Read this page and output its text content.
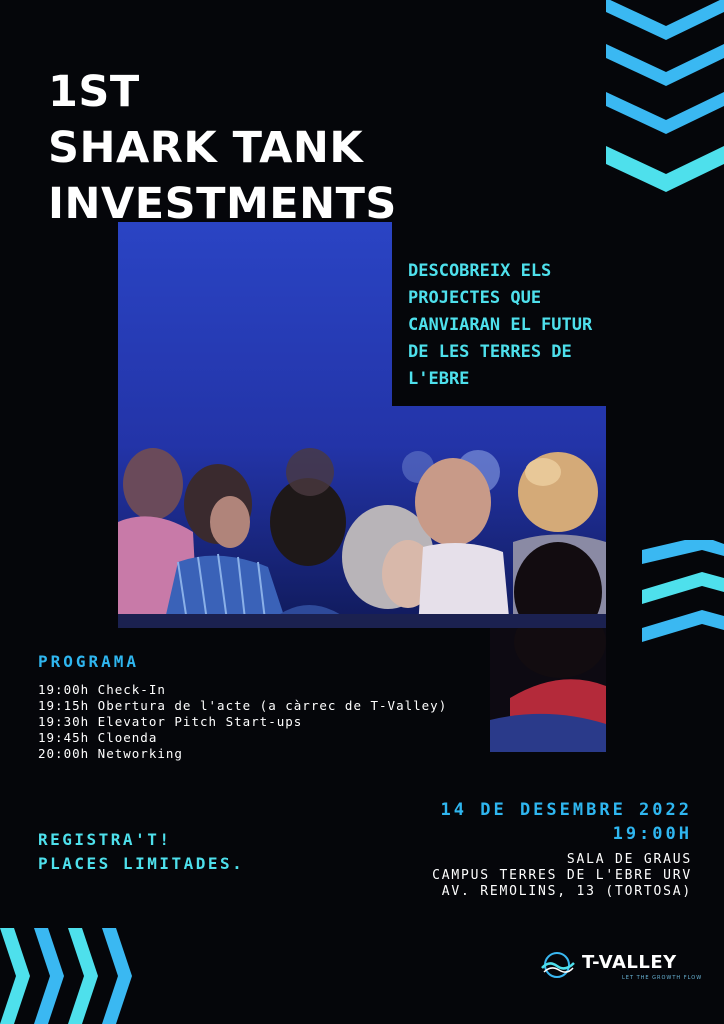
DESCOBREIX ELS
PROJECTES QUE
CANVIARAN EL FUTUR
DE LES TERRES DE
L'EBRE

1ST
SHARK TANK
INVESTMENTS
PROGRAMA
19:00h Check-In
19:15h Obertura de l'acte (a càrrec de T-Valley)
19:30h Elevator Pitch Start-ups
19:45h Cloenda
20:00h Networking
14 DE DESEMBRE 2022
19:00H
REGISTRA'T!
PLACES LIMITADES.	SALA DE GRAUS
CAMPUS TERRES DE L'EBRE URV
AV. REMOLINS, 13 (TORTOSA)
T-VALLEY
LET THE GROWTH FLOW
